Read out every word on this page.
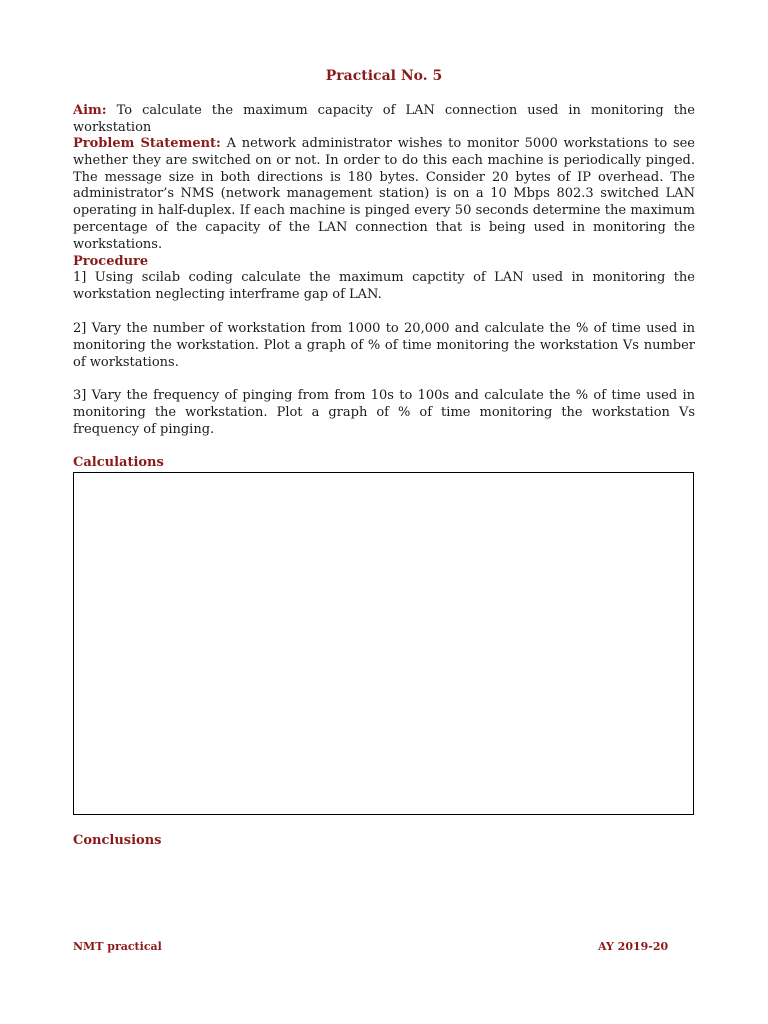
Practical No. 5
Aim: To calculate the maximum capacity of LAN connection used in monitoring the workstation
Problem Statement: A network administrator wishes to monitor 5000 workstations to see whether they are switched on or not. In order to do this each machine is periodically pinged. The message size in both directions is 180 bytes. Consider 20 bytes of IP overhead. The administrator’s NMS (network management station) is on a 10 Mbps 802.3 switched LAN operating in half-duplex. If each machine is pinged every 50 seconds determine the maximum percentage of the capacity of the LAN connection that is being used in monitoring the workstations.
Procedure
1] Using scilab coding calculate the maximum capctity of LAN used in monitoring the workstation neglecting interframe gap of LAN.
2] Vary the number of workstation from 1000 to 20,000 and calculate the % of time used in monitoring the workstation. Plot a graph of % of time monitoring the workstation Vs number of workstations.
3] Vary the frequency of pinging from from 10s to 100s and calculate the % of time used in monitoring the workstation. Plot a graph of % of time monitoring the workstation Vs frequency of pinging.
Calculations
Conclusions
NMT practical	AY 2019-20
